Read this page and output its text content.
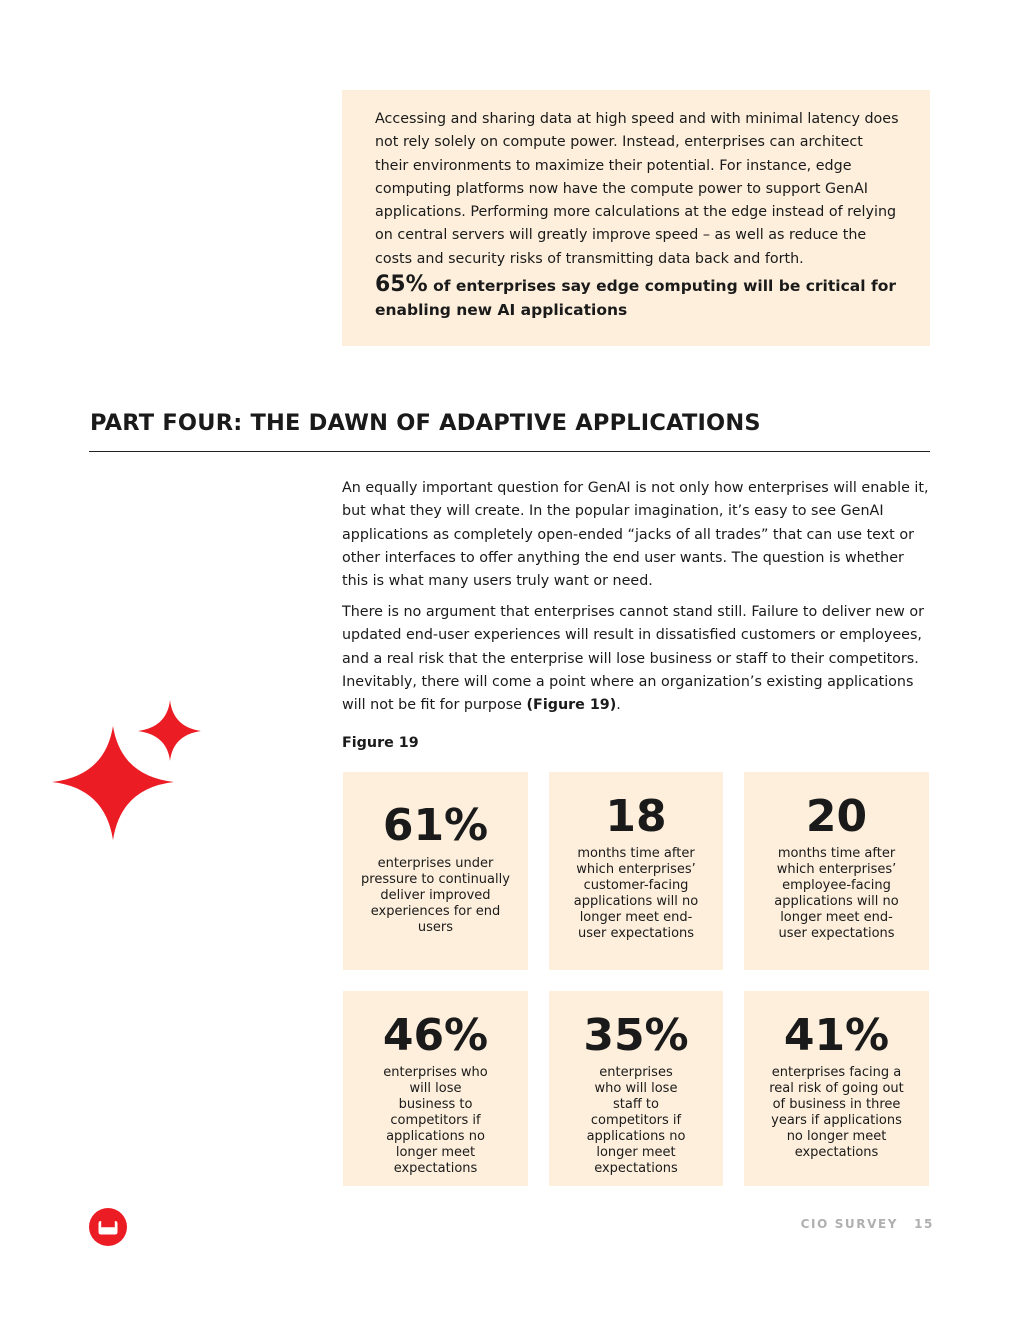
Accessing and sharing data at high speed and with minimal latency does not rely solely on compute power. Instead, enterprises can architect their environments to maximize their potential. For instance, edge computing platforms now have the compute power to support GenAI applications. Performing more calculations at the edge instead of relying on central servers will greatly improve speed – as well as reduce the costs and security risks of transmitting data back and forth.

65% of enterprises say edge computing will be critical for enabling new AI applications

PART FOUR: THE DAWN OF ADAPTIVE APPLICATIONS

An equally important question for GenAI is not only how enterprises will enable it, but what they will create. In the popular imagination, it’s easy to see GenAI applications as completely open-ended “jacks of all trades” that can use text or other interfaces to offer anything the end user wants. The question is whether this is what many users truly want or need.

There is no argument that enterprises cannot stand still. Failure to deliver new or updated end-user experiences will result in dissatisfied customers or employees, and a real risk that the enterprise will lose business or staff to their competitors. Inevitably, there will come a point where an organization’s existing applications will not be fit for purpose (Figure 19).

Figure 19

61%
enterprises under pressure to continually deliver improved experiences for end users
18
months time after which enterprises’ customer-facing applications will no longer meet end-user expectations
20
months time after which enterprises’ employee-facing applications will no longer meet end-user expectations
46%
enterprises who will lose business to competitors if applications no longer meet expectations
35%
enterprises who will lose staff to competitors if applications no longer meet expectations
41%
enterprises facing a real risk of going out of business in three years if applications no longer meet expectations
CIO SURVEY 15
